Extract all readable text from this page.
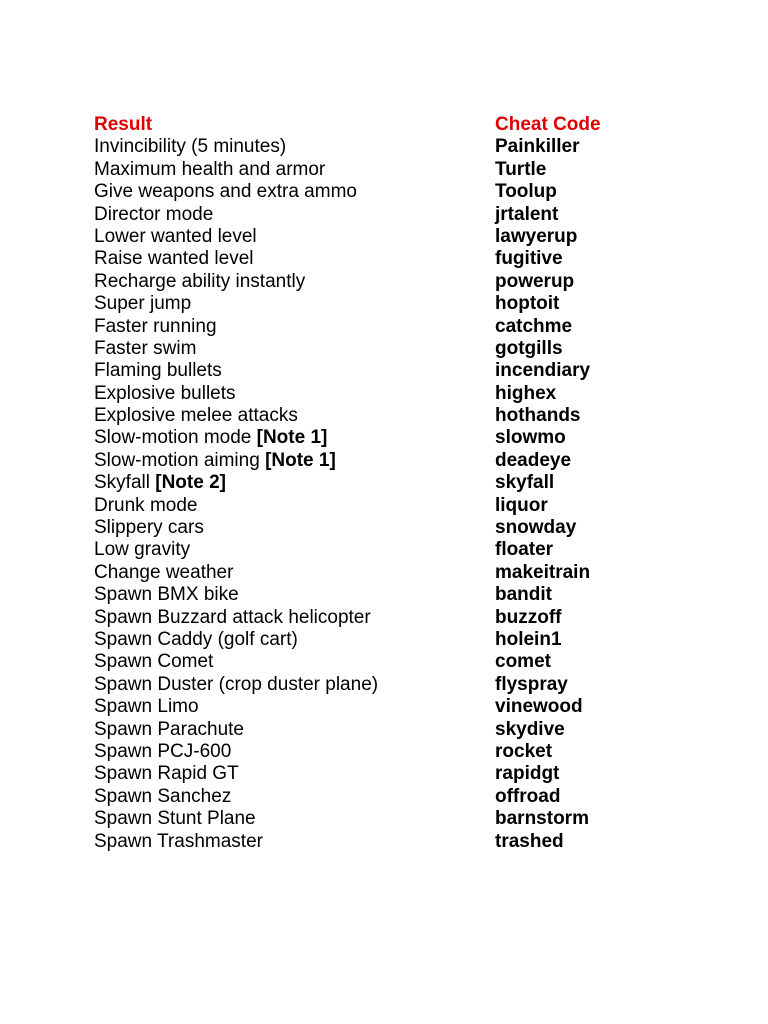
Result	Cheat Code
Invincibility (5 minutes)	Painkiller
Maximum health and armor	Turtle
Give weapons and extra ammo	Toolup
Director mode	jrtalent
Lower wanted level	lawyerup
Raise wanted level	fugitive
Recharge ability instantly	powerup
Super jump	hoptoit
Faster running	catchme
Faster swim	gotgills
Flaming bullets	incendiary
Explosive bullets	highex
Explosive melee attacks	hothands
Slow-motion mode [Note 1]	slowmo
Slow-motion aiming [Note 1]	deadeye
Skyfall [Note 2]	skyfall
Drunk mode	liquor
Slippery cars	snowday
Low gravity	floater
Change weather	makeitrain
Spawn BMX bike	bandit
Spawn Buzzard attack helicopter	buzzoff
Spawn Caddy (golf cart)	holein1
Spawn Comet	comet
Spawn Duster (crop duster plane)	flyspray
Spawn Limo	vinewood
Spawn Parachute	skydive
Spawn PCJ-600	rocket
Spawn Rapid GT	rapidgt
Spawn Sanchez	offroad
Spawn Stunt Plane	barnstorm
Spawn Trashmaster	trashed
